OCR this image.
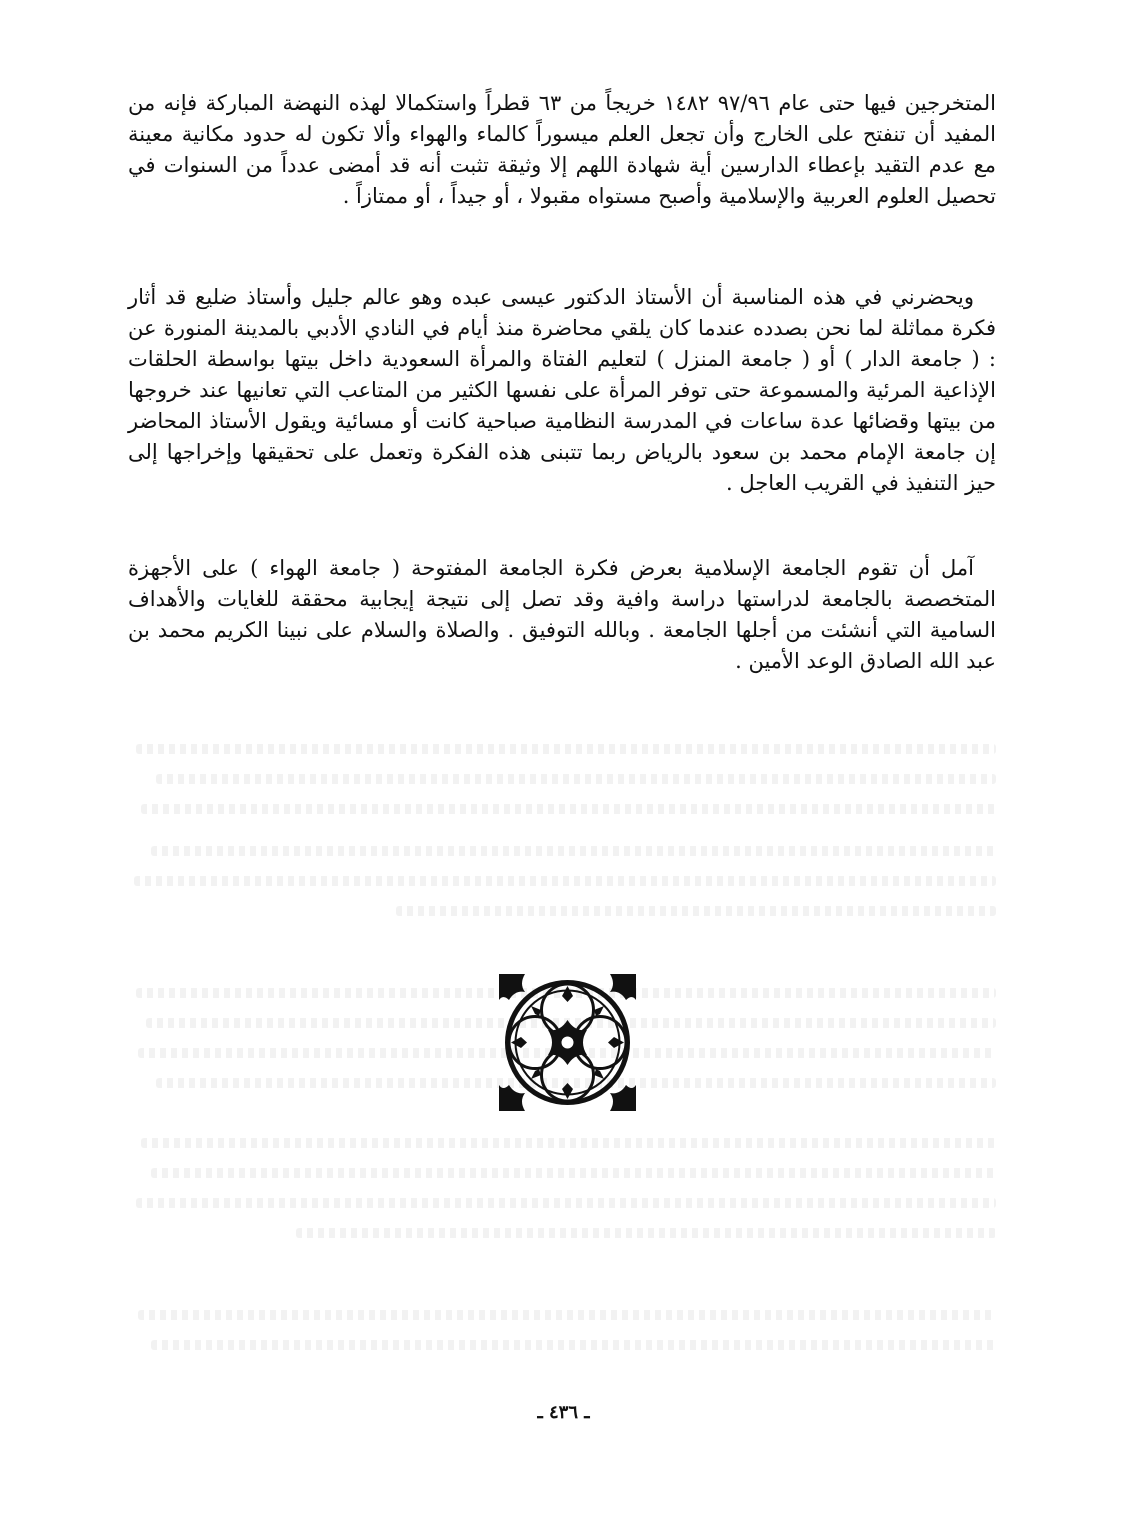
المتخرجين فيها حتى عام ٩٧/٩٦ ١٤٨٢ خريجاً من ٦٣ قطراً واستكمالا لهذه النهضة المباركة فإنه من المفيد أن تنفتح على الخارج وأن تجعل العلم ميسوراً كالماء والهواء وألا تكون له حدود مكانية معينة مع عدم التقيد بإعطاء الدارسين أية شهادة اللهم إلا وثيقة تثبت أنه قد أمضى عدداً من السنوات في تحصيل العلوم العربية والإسلامية وأصبح مستواه مقبولا ، أو جيداً ، أو ممتازاً .

ويحضرني في هذه المناسبة أن الأستاذ الدكتور عيسى عبده وهو عالم جليل وأستاذ ضليع قد أثار فكرة مماثلة لما نحن بصدده عندما كان يلقي محاضرة منذ أيام في النادي الأدبي بالمدينة المنورة عن : ( جامعة الدار ) أو ( جامعة المنزل ) لتعليم الفتاة والمرأة السعودية داخل بيتها بواسطة الحلقات الإذاعية المرئية والمسموعة حتى توفر المرأة على نفسها الكثير من المتاعب التي تعانيها عند خروجها من بيتها وقضائها عدة ساعات في المدرسة النظامية صباحية كانت أو مسائية ويقول الأستاذ المحاضر إن جامعة الإمام محمد بن سعود بالرياض ربما تتبنى هذه الفكرة وتعمل على تحقيقها وإخراجها إلى حيز التنفيذ في القريب العاجل .

آمل أن تقوم الجامعة الإسلامية بعرض فكرة الجامعة المفتوحة ( جامعة الهواء ) على الأجهزة المتخصصة بالجامعة لدراستها دراسة وافية وقد تصل إلى نتيجة إيجابية محققة للغايات والأهداف السامية التي أنشئت من أجلها الجامعة . وبالله التوفيق . والصلاة والسلام على نبينا الكريم محمد بن عبد الله الصادق الوعد الأمين .

ـ ٤٣٦ ـ
